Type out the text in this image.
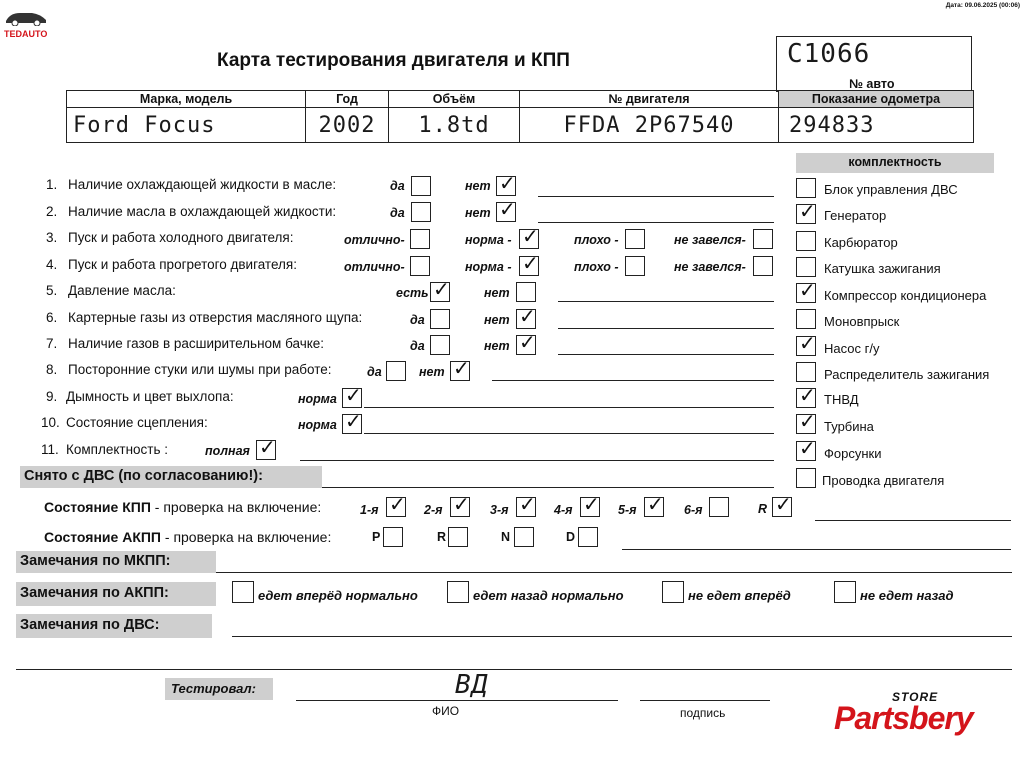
TEDAUTO
Дата: 09.06.2025 (00:06)
Карта тестирования двигателя и КПП	C1066
№ авто
Марка, модель	Год	Объём	№ двигателя	Показание одометра
Ford Focus	2002	1.8td	FFDA 2P67540	294833
1. Наличие охлаждающей жидкости в масле:	да	нет ✓
2. Наличие масла в охлаждающей жидкости:	да	нет ✓
3. Пуск и работа холодного двигателя:	отлично-	норма - ✓	плохо -	не завелся-
4. Пуск и работа прогретого двигателя:	отлично-	норма - ✓	плохо -	не завелся-
5. Давление масла:	есть ✓	нет
6. Картерные газы из отверстия масляного щупа:	да	нет ✓
7. Наличие газов в расширительном бачке:	да	нет ✓
8. Посторонние стуки или шумы при работе:	да	нет ✓
9. Дымность и цвет выхлопа:	норма ✓
10. Состояние сцепления:	норма ✓
11. Комплектность :	полная ✓
комплектность
Блок управления ДВС
✓ Генератор
Карбюратор
Катушка зажигания
✓ Компрессор кондиционера
Моновпрыск
✓ Насос г/у
Распределитель зажигания
✓ ТНВД
✓ Турбина
✓ Форсунки
Проводка двигателя
Снято с ДВС (по согласованию!):
Состояние КПП - проверка на включение:	1-я ✓ 2-я ✓ 3-я ✓ 4-я ✓ 5-я ✓ 6-я	R ✓
Состояние АКПП - проверка на включение:	P	R	N	D
Замечания по МКПП:
Замечания по АКПП:	едет вперёд нормально	едет назад нормально	не едет вперёд	не едет назад
Замечания по ДВС:
Тестировал:	ВД
ФИО	подпись
STORE
Partsbery
